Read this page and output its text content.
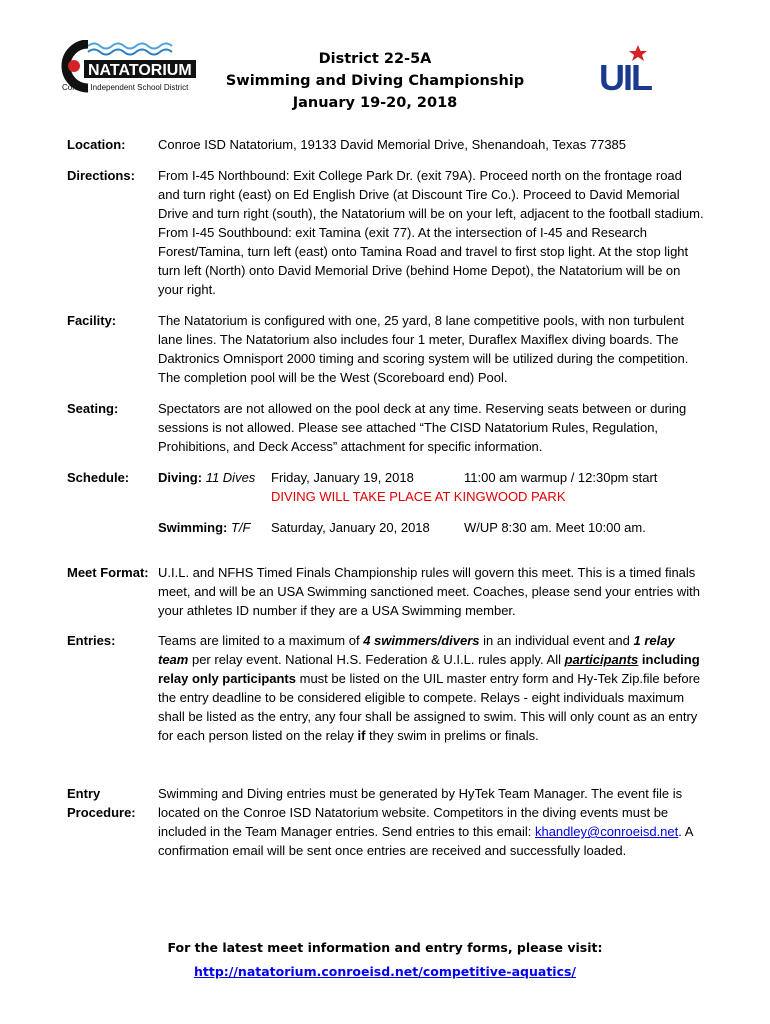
NATATORIUM
Conroe Independent School District
District 22-5A
Swimming and Diving Championship
January 19-20, 2018
UIL
Location:	Conroe ISD Natatorium, 19133 David Memorial Drive, Shenandoah, Texas 77385
Directions:	From I-45 Northbound: Exit College Park Dr. (exit 79A). Proceed north on the frontage road and turn right (east) on Ed English Drive (at Discount Tire Co.). Proceed to David Memorial Drive and turn right (south), the Natatorium will be on your left, adjacent to the football stadium. From I-45 Southbound: exit Tamina (exit 77). At the intersection of I-45 and Research Forest/Tamina, turn left (east) onto Tamina Road and travel to first stop light. At the stop light turn left (North) onto David Memorial Drive (behind Home Depot), the Natatorium will be on your right.
Facility:	The Natatorium is configured with one, 25 yard, 8 lane competitive pools, with non turbulent lane lines. The Natatorium also includes four 1 meter, Duraflex Maxiflex diving boards. The Daktronics Omnisport 2000 timing and scoring system will be utilized during the competition. The completion pool will be the West (Scoreboard end) Pool.
Seating:	Spectators are not allowed on the pool deck at any time. Reserving seats between or during sessions is not allowed. Please see attached “The CISD Natatorium Rules, Regulation, Prohibitions, and Deck Access” attachment for specific information.
Schedule:	Diving: 11 Dives Friday, January 19, 2018	11:00 am warmup / 12:30pm start
DIVING WILL TAKE PLACE AT KINGWOOD PARK
Swimming: T/F Saturday, January 20, 2018	W/UP 8:30 am. Meet 10:00 am.
Meet Format: U.I.L. and NFHS Timed Finals Championship rules will govern this meet. This is a timed finals meet, and will be an USA Swimming sanctioned meet. Coaches, please send your entries with your athletes ID number if they are a USA Swimming member.
Entries:	Teams are limited to a maximum of 4 swimmers/divers in an individual event and 1 relay team per relay event. National H.S. Federation & U.I.L. rules apply. All participants including relay only participants must be listed on the UIL master entry form and Hy-Tek Zip.file before the entry deadline to be considered eligible to compete. Relays - eight individuals maximum shall be listed as the entry, any four shall be assigned to swim. This will only count as an entry for each person listed on the relay if they swim in prelims or finals.
Entry
Procedure:
Swimming and Diving entries must be generated by HyTek Team Manager. The event file is located on the Conroe ISD Natatorium website. Competitors in the diving events must be included in the Team Manager entries. Send entries to this email: khandley@conroeisd.net. A confirmation email will be sent once entries are received and successfully loaded.
For the latest meet information and entry forms, please visit:
http://natatorium.conroeisd.net/competitive-aquatics/
